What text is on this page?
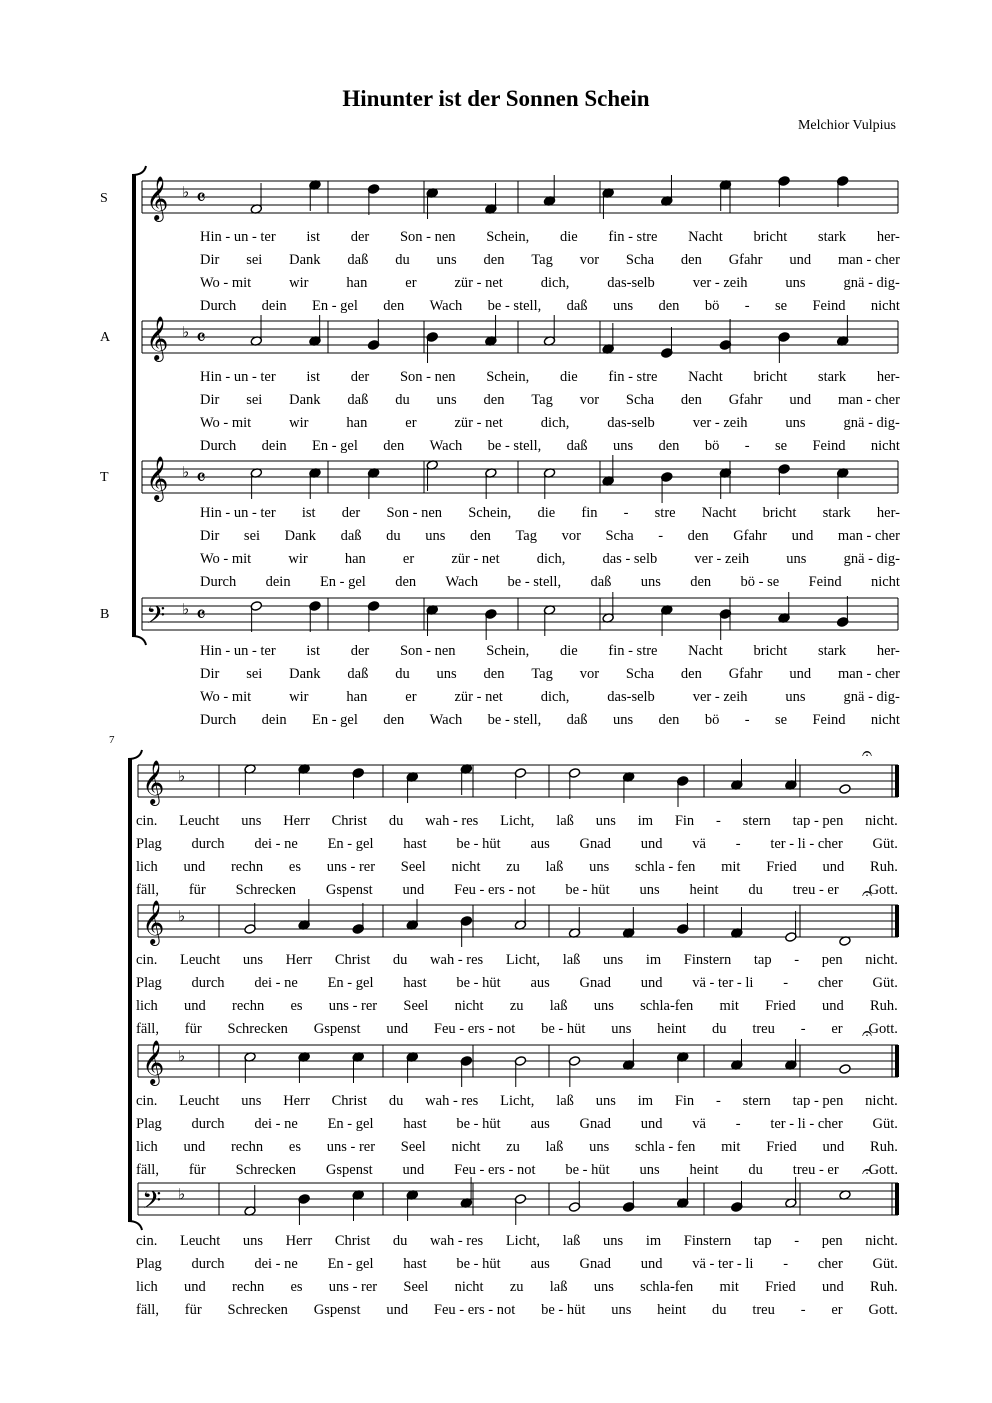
Hinunter ist der Sonnen Schein
Melchior Vulpius
S
A
T
B
7
𝄞 ♭
𝄞 ♭
𝄞 ♭
𝄢 ♭
𝄞 ♭
𝄞 ♭
𝄞 ♭
𝄢 ♭
𝄴
𝄴
𝄴
𝄴
𝄐
𝄐
𝄐
𝄐
Hin - un - ter ist der Son - nen Schein, die fin - stre Nacht bricht stark her-
Dir sei Dank daß du uns den Tag vor Scha den Gfahr und man - cher
Wo - mit	wir	han	er	zür - net	dich,	das-selb	ver - zeih	uns	gnä - dig-
Durch dein En - gel den Wach be - stell, daß uns den bö - se Feind nicht
Hin - un - ter ist der Son - nen Schein, die fin - stre Nacht bricht stark her-
Dir sei Dank daß du uns den Tag vor Scha den Gfahr und man - cher
Wo - mit	wir	han	er	zür - net	dich,	das-selb	ver - zeih	uns	gnä - dig-
Durch dein En - gel den Wach be - stell, daß uns den bö - se Feind nicht
Hin - un - ter ist der Son - nen Schein, die fin - stre Nacht bricht stark her-
Dir sei Dank daß du uns den Tag vor Scha - den Gfahr und man - cher
Wo - mit	wir	han	er	zür - net	dich,	das - selb	ver - zeih	uns	gnä - dig-
Durch dein En - gel den Wach be - stell, daß uns den bö - se Feind nicht
Hin - un - ter ist der Son - nen Schein, die fin - stre Nacht bricht stark her-
Dir sei Dank daß du uns den Tag vor Scha den Gfahr und man - cher
Wo - mit	wir	han	er	zür - net	dich,	das-selb	ver - zeih	uns	gnä - dig-
Durch dein En - gel den Wach be - stell, daß uns den bö - se Feind nicht
cin. Leucht uns Herr Christ du wah - res Licht, laß uns im Fin - stern tap - pen nicht.
Plag durch dei - ne En - gel hast be - hüt aus Gnad und vä - ter - li - cher Güt.
lich und rechn es uns - rer Seel nicht zu laß uns schla - fen mit Fried und Ruh.
fäll, für Schrecken Gspenst und Feu - ers - not be - hüt uns heint du treu - er Gott.
cin. Leucht uns Herr Christ du wah - res Licht, laß uns im Finstern tap - pen nicht.
Plag durch dei - ne En - gel hast be - hüt aus Gnad und vä - ter - li - cher Güt.
lich und rechn es uns - rer Seel nicht zu laß uns schla-fen mit Fried und Ruh.
fäll, für Schrecken Gspenst und Feu - ers - not be - hüt uns heint du treu - er Gott.
cin. Leucht uns Herr Christ du wah - res Licht, laß uns im Fin - stern tap - pen nicht.
Plag durch dei - ne En - gel hast be - hüt aus Gnad und vä - ter - li - cher Güt.
lich und rechn es uns - rer Seel nicht zu laß uns schla - fen mit Fried und Ruh.
fäll, für Schrecken Gspenst und Feu - ers - not be - hüt uns heint du treu - er Gott.
cin. Leucht uns Herr Christ du wah - res Licht, laß uns im Finstern tap - pen nicht.
Plag durch dei - ne En - gel hast be - hüt aus Gnad und vä - ter - li - cher Güt.
lich und rechn es uns - rer Seel nicht zu laß uns schla-fen mit Fried und Ruh.
fäll, für Schrecken Gspenst und Feu - ers - not be - hüt uns heint du treu - er Gott.
